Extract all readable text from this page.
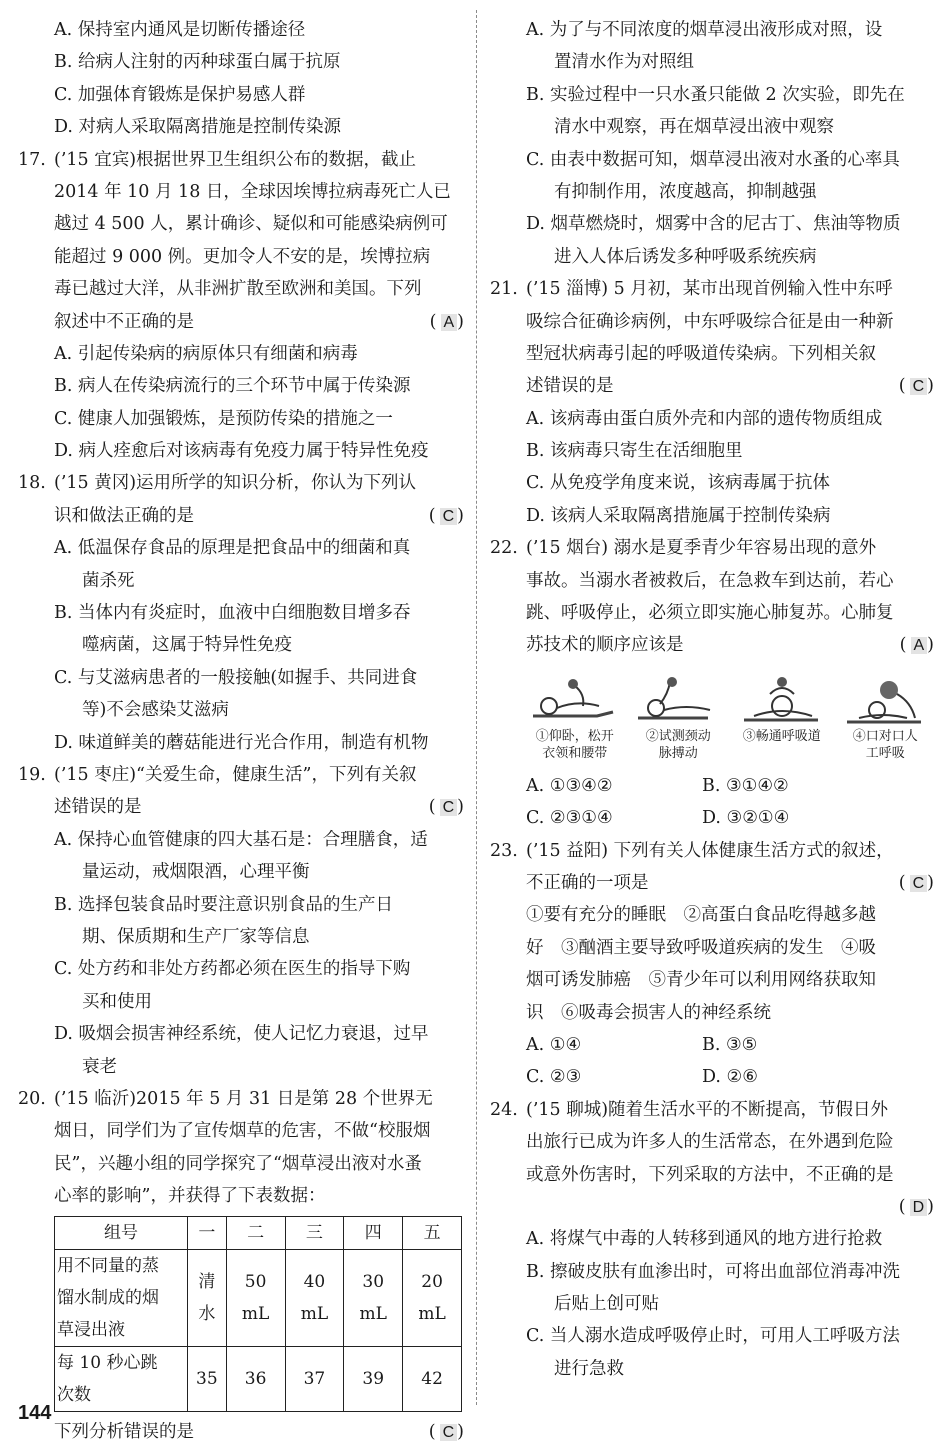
A. 保持室内通风是切断传播途径
B. 给病人注射的丙种球蛋白属于抗原
C. 加强体育锻炼是保护易感人群
D. 对病人采取隔离措施是控制传染源
17. (’15 宜宾)根据世界卫生组织公布的数据，截止
2014 年 10 月 18 日，全球因埃博拉病毒死亡人已
越过 4 500 人，累计确诊、疑似和可能感染病例可
能超过 9 000 例。更加令人不安的是，埃博拉病
毒已越过大洋，从非洲扩散至欧洲和美国。下列
叙述中不正确的是	( A )
A. 引起传染病的病原体只有细菌和病毒
B. 病人在传染病流行的三个环节中属于传染源
C. 健康人加强锻炼，是预防传染的措施之一
D. 病人痊愈后对该病毒有免疫力属于特异性免疫
18. (’15 黄冈)运用所学的知识分析，你认为下列认
识和做法正确的是	( C )
A. 低温保存食品的原理是把食品中的细菌和真
菌杀死
B. 当体内有炎症时，血液中白细胞数目增多吞
噬病菌，这属于特异性免疫
C. 与艾滋病患者的一般接触(如握手、共同进食
等)不会感染艾滋病
D. 味道鲜美的蘑菇能进行光合作用，制造有机物
19. (’15 枣庄)“关爱生命，健康生活”，下列有关叙
述错误的是	( C )
A. 保持心血管健康的四大基石是：合理膳食，适
量运动，戒烟限酒，心理平衡
B. 选择包装食品时要注意识别食品的生产日
期、保质期和生产厂家等信息
C. 处方药和非处方药都必须在医生的指导下购
买和使用
D. 吸烟会损害神经系统，使人记忆力衰退，过早
衰老
20. (’15 临沂)2015 年 5 月 31 日是第 28 个世界无
烟日，同学们为了宣传烟草的危害，不做“校服烟
民”，兴趣小组的同学探究了“烟草浸出液对水蚤
心率的影响”，并获得了下表数据：
组号	一	二	三	四	五

用不同量的蒸
馏水制成的烟
草浸出液	清水	50 mL	40 mL	30 mL	20 mL

每 10 秒心跳
次数	35	36	37	39	42
下列分析错误的是	( C )
A. 为了与不同浓度的烟草浸出液形成对照，设
置清水作为对照组
B. 实验过程中一只水蚤只能做 2 次实验，即先在
清水中观察，再在烟草浸出液中观察
C. 由表中数据可知，烟草浸出液对水蚤的心率具
有抑制作用，浓度越高，抑制越强
D. 烟草燃烧时，烟雾中含的尼古丁、焦油等物质
进入人体后诱发多种呼吸系统疾病
21. (’15 淄博) 5 月初，某市出现首例输入性中东呼
吸综合征确诊病例，中东呼吸综合征是由一种新
型冠状病毒引起的呼吸道传染病。下列相关叙
述错误的是	( C )
A. 该病毒由蛋白质外壳和内部的遗传物质组成
B. 该病毒只寄生在活细胞里
C. 从免疫学角度来说，该病毒属于抗体
D. 该病人采取隔离措施属于控制传染病
22. (’15 烟台) 溺水是夏季青少年容易出现的意外
事故。当溺水者被救后，在急救车到达前，若心
跳、呼吸停止，必须立即实施心肺复苏。心肺复
苏技术的顺序应该是	( A )
①仰卧，松开
衣领和腰带
②试测颈动
脉搏动
③畅通呼吸道	④口对口人
工呼吸
A. ①③④②	B. ③①④②
C. ②③①④	D. ③②①④
23. (’15 益阳) 下列有关人体健康生活方式的叙述，
不正确的一项是	( C )
①要有充分的睡眠　②高蛋白食品吃得越多越
好　③酗酒主要导致呼吸道疾病的发生　④吸
烟可诱发肺癌　⑤青少年可以利用网络获取知
识　⑥吸毒会损害人的神经系统
A. ①④	B. ③⑤
C. ②③	D. ②⑥
24. (’15 聊城)随着生活水平的不断提高，节假日外
出旅行已成为许多人的生活常态，在外遇到危险
或意外伤害时，下列采取的方法中，不正确的是
( D )
A. 将煤气中毒的人转移到通风的地方进行抢救
B. 擦破皮肤有血渗出时，可将出血部位消毒冲洗
后贴上创可贴
C. 当人溺水造成呼吸停止时，可用人工呼吸方法
进行急救
144
